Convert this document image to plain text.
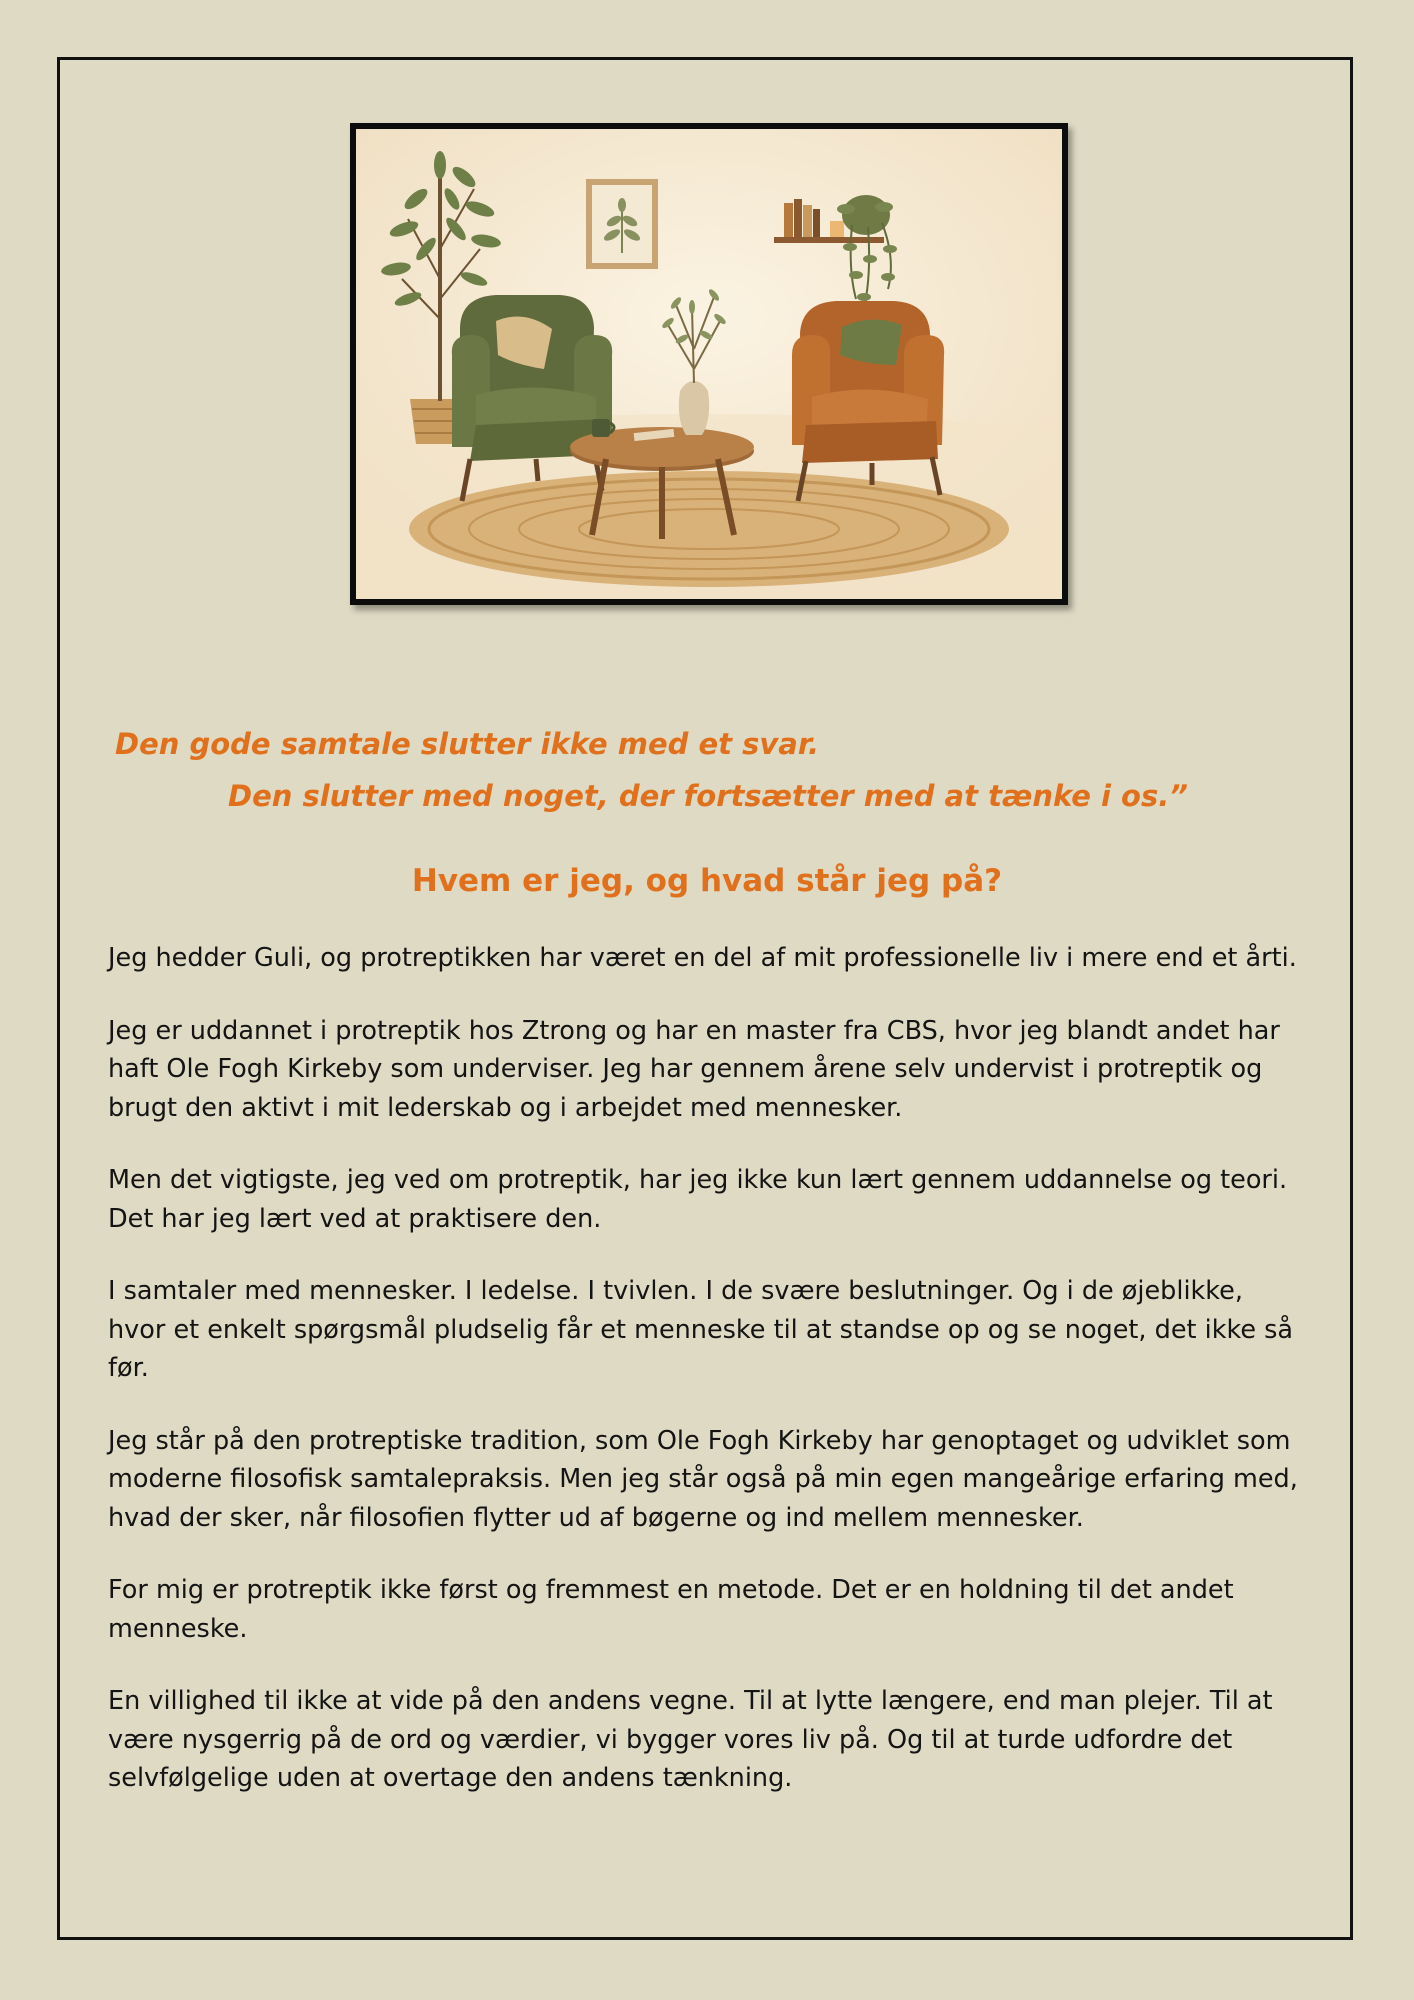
Den gode samtale slutter ikke med et svar.
Den slutter med noget, der fortsætter med at tænke i os.”
Hvem er jeg, og hvad står jeg på?

Jeg hedder Guli, og protreptikken har været en del af mit professionelle liv i mere end et årti.

Jeg er uddannet i protreptik hos Ztrong og har en master fra CBS, hvor jeg blandt andet har haft Ole Fogh Kirkeby som underviser. Jeg har gennem årene selv undervist i protreptik og brugt den aktivt i mit lederskab og i arbejdet med mennesker.

Men det vigtigste, jeg ved om protreptik, har jeg ikke kun lært gennem uddannelse og teori. Det har jeg lært ved at praktisere den.

I samtaler med mennesker. I ledelse. I tvivlen. I de svære beslutninger. Og i de øjeblikke, hvor et enkelt spørgsmål pludselig får et menneske til at standse op og se noget, det ikke så før.

Jeg står på den protreptiske tradition, som Ole Fogh Kirkeby har genoptaget og udviklet som moderne filosofisk samtalepraksis. Men jeg står også på min egen mangeårige erfaring med, hvad der sker, når filosofien flytter ud af bøgerne og ind mellem mennesker.

For mig er protreptik ikke først og fremmest en metode. Det er en holdning til det andet menneske.

En villighed til ikke at vide på den andens vegne. Til at lytte længere, end man plejer. Til at være nysgerrig på de ord og værdier, vi bygger vores liv på. Og til at turde udfordre det selvfølgelige uden at overtage den andens tænkning.
